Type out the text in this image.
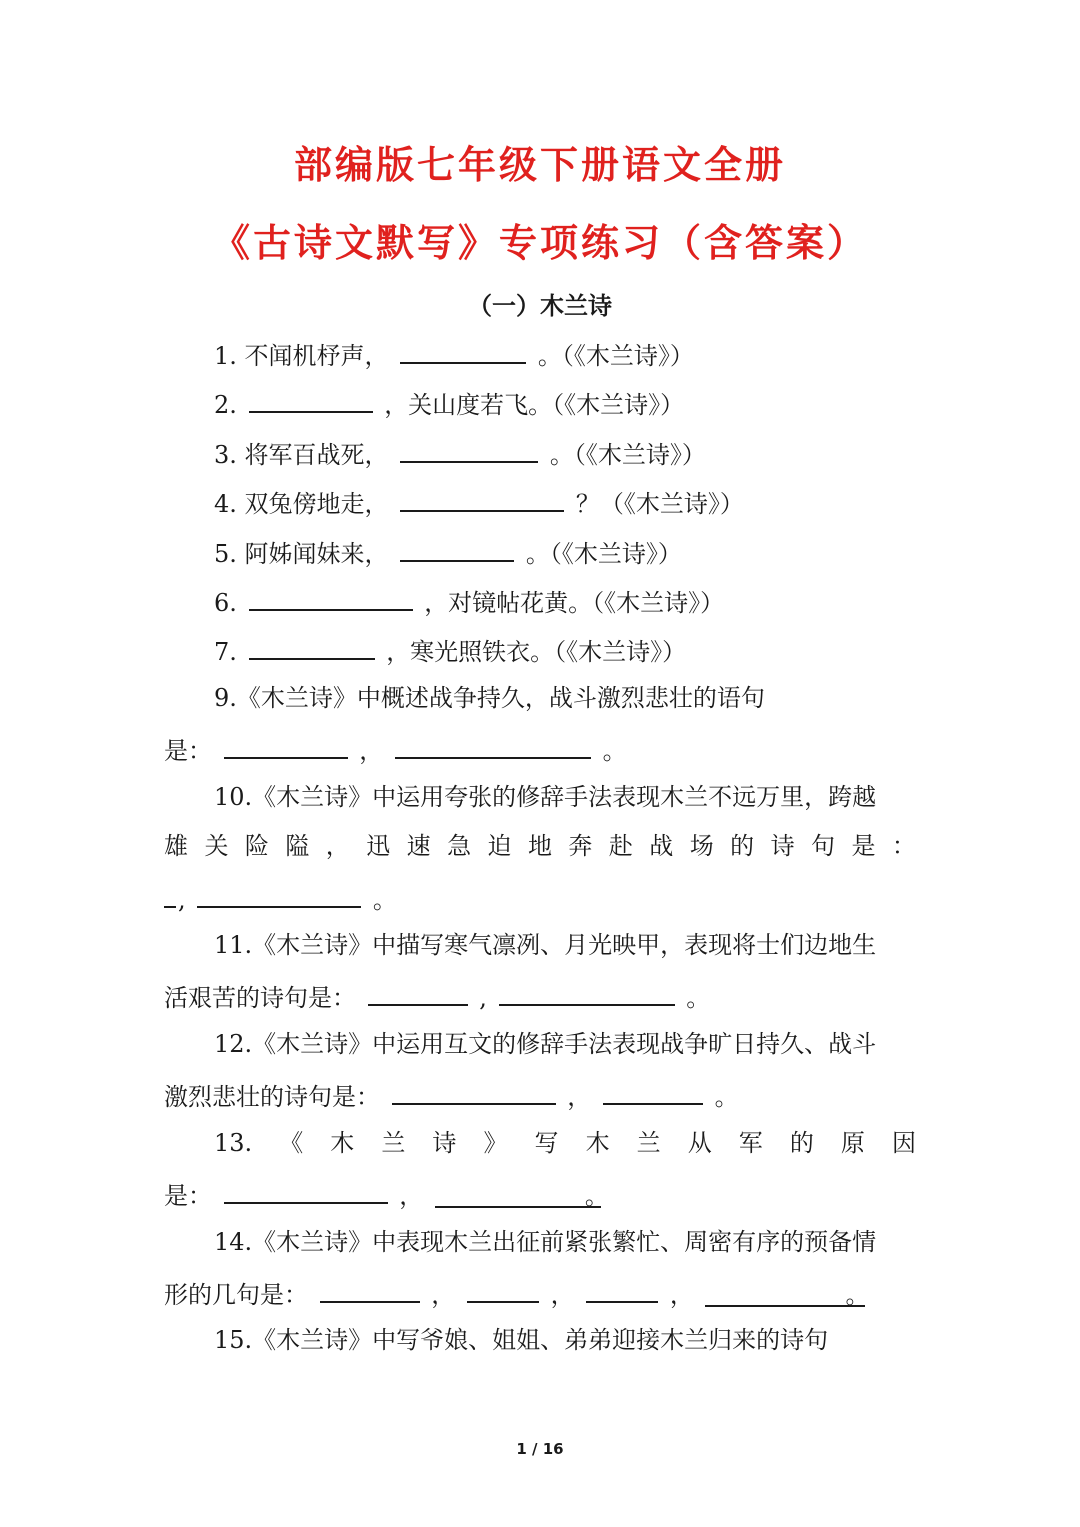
部编版七年级下册语文全册
《古诗文默写》专项练习（含答案）
（一）木兰诗
1. 不闻机杼声，	。（《木兰诗》）
2.	，关山度若飞。（《木兰诗》）
3. 将军百战死，	。（《木兰诗》）
4. 双兔傍地走，	？（《木兰诗》）
5. 阿姊闻妹来，	。（《木兰诗》）
6.	，对镜帖花黄。（《木兰诗》）
7.	，寒光照铁衣。（《木兰诗》）
9.《木兰诗》中概述战争持久，战斗激烈悲壮的语句
是：	，	。
10.《木兰诗》中运用夸张的修辞手法表现木兰不远万里，跨越
雄 关 险 隘 ， 迅 速 急 迫 地 奔 赴 战 场 的 诗 句 是 ：
,	。
11.《木兰诗》中描写寒气凛冽、月光映甲，表现将士们边地生
活艰苦的诗句是：	,	。
12.《木兰诗》中运用互文的修辞手法表现战争旷日持久、战斗
激烈悲壮的诗句是：	，	。
13. 《 木 兰 诗 》 写 木 兰 从 军 的 原 因
是：	，	。
14.《木兰诗》中表现木兰出征前紧张繁忙、周密有序的预备情
形的几句是：	，	，	，	。
15.《木兰诗》中写爷娘、姐姐、弟弟迎接木兰归来的诗句
1 / 16
